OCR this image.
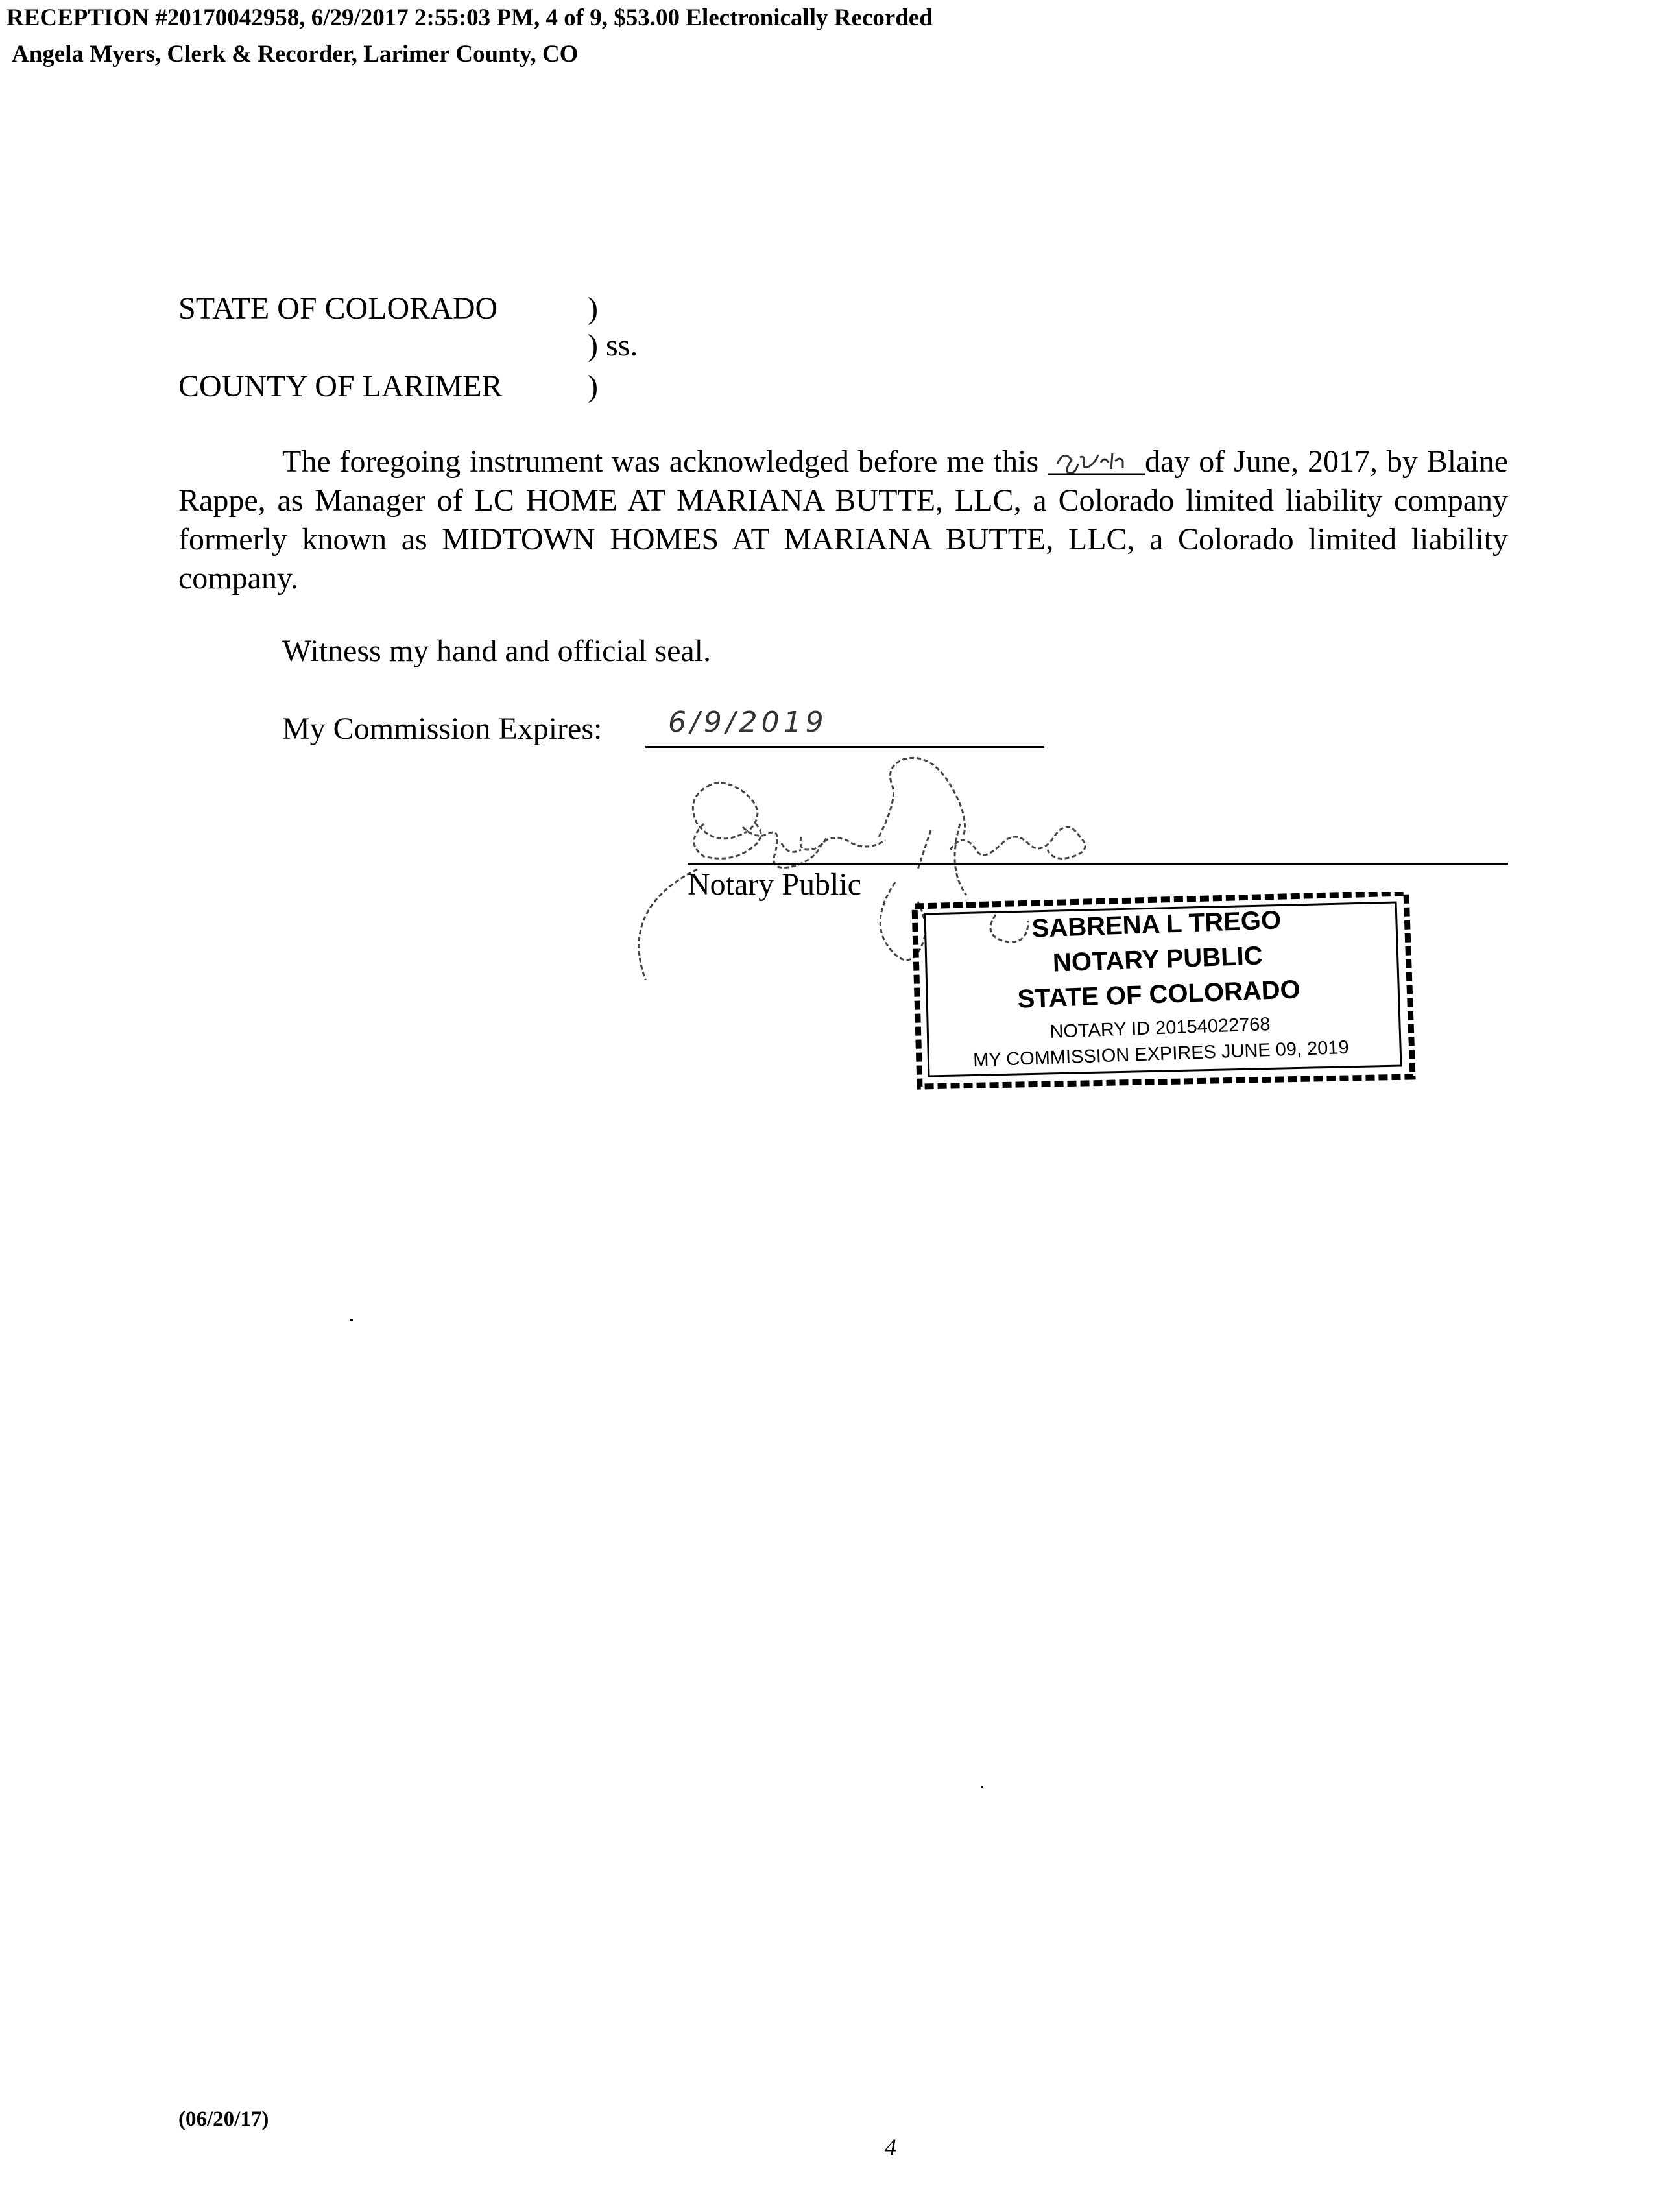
RECEPTION #20170042958, 6/29/2017 2:55:03 PM, 4 of 9, $53.00 Electronically Recorded
Angela Myers, Clerk & Recorder, Larimer County, CO
STATE OF COLORADO	)
) ss.
COUNTY OF LARIMER	)
The foregoing instrument was acknowledged before me this	day of June, 2017, by Blaine Rappe, as Manager of LC HOME AT MARIANA BUTTE, LLC, a Colorado limited liability company formerly known as MIDTOWN HOMES AT MARIANA BUTTE, LLC, a Colorado limited liability company.
Witness my hand and official seal.
My Commission Expires: 6/9/2019
Notary Public
SABRENA L TREGO
NOTARY PUBLIC
STATE OF COLORADO
NOTARY ID 20154022768
MY COMMISSION EXPIRES JUNE 09, 2019
(06/20/17)
4
